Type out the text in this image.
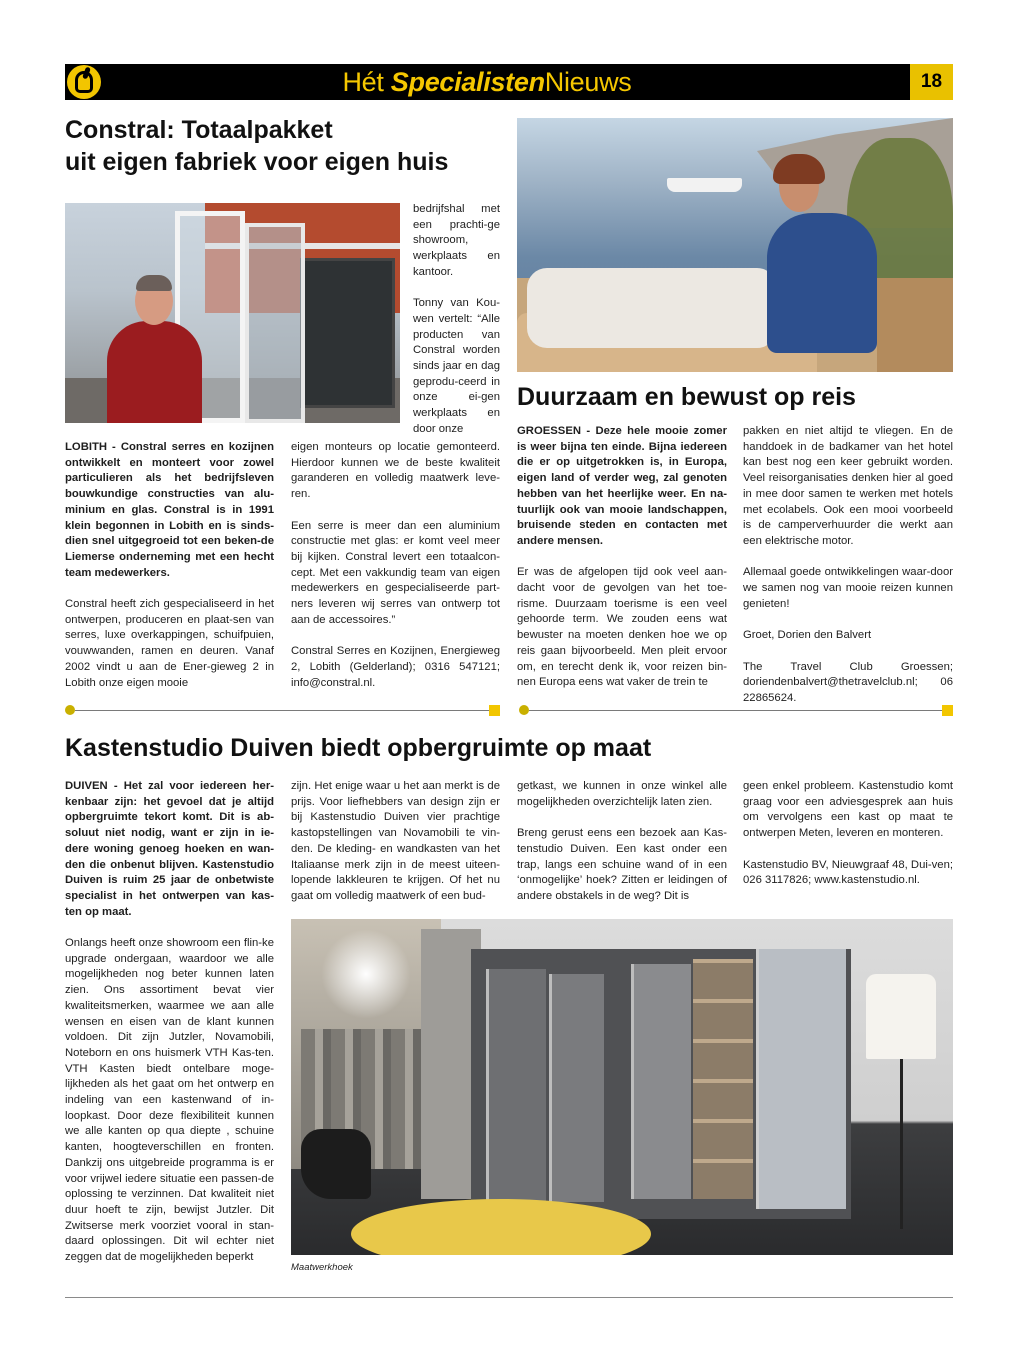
Hét SpecialistenNieuws	18
Constral: Totaalpakket
uit eigen fabriek voor eigen huis

bedrijfshal met een prachti-ge showroom, werkplaats en kantoor.

Tonny van Kou-wen vertelt: “Alle producten van Constral worden sinds jaar en dag geprodu-ceerd in onze ei-gen werkplaats en door onze

LOBITH - Constral serres en kozijnen ontwikkelt en monteert voor zowel particulieren als het bedrijfsleven bouwkundige constructies van alu-minium en glas. Constral is in 1991 klein begonnen in Lobith en is sinds-dien snel uitgegroeid tot een beken-de Liemerse onderneming met een hecht team medewerkers.

Constral heeft zich gespecialiseerd in het ontwerpen, produceren en plaat-sen van serres, luxe overkappingen, schuifpuien, vouwwanden, ramen en deuren. Vanaf 2002 vindt u aan de Ener-gieweg 2 in Lobith onze eigen mooie

eigen monteurs op locatie gemonteerd. Hierdoor kunnen we de beste kwaliteit garanderen en volledig maatwerk leve-ren.

Een serre is meer dan een aluminium constructie met glas: er komt veel meer bij kijken. Constral levert een totaalcon-cept. Met een vakkundig team van eigen medewerkers en gespecialiseerde part-ners leveren wij serres van ontwerp tot aan de accessoires.”

Constral Serres en Kozijnen, Energieweg 2, Lobith (Gelderland); 0316 547121; info@constral.nl.

Duurzaam en bewust op reis

GROESSEN - Deze hele mooie zomer is weer bijna ten einde. Bijna iedereen die er op uitgetrokken is, in Europa, eigen land of verder weg, zal genoten hebben van het heerlijke weer. En na-tuurlijk ook van mooie landschappen, bruisende steden en contacten met andere mensen.

Er was de afgelopen tijd ook veel aan-dacht voor de gevolgen van het toe-risme. Duurzaam toerisme is een veel gehoorde term. We zouden eens wat bewuster na moeten denken hoe we op reis gaan bijvoorbeeld. Men pleit ervoor om, en terecht denk ik, voor reizen bin-nen Europa eens wat vaker de trein te

pakken en niet altijd te vliegen. En de handdoek in de badkamer van het hotel kan best nog een keer gebruikt worden. Veel reisorganisaties denken hier al goed in mee door samen te werken met hotels met ecolabels. Ook een mooi voorbeeld is de camperverhuurder die werkt aan een elektrische motor.

Allemaal goede ontwikkelingen waar-door we samen nog van mooie reizen kunnen genieten!

Groet, Dorien den Balvert

The Travel Club Groessen; doriendenbalvert@thetravelclub.nl; 06 22865624.

Kastenstudio Duiven biedt opbergruimte op maat

DUIVEN - Het zal voor iedereen her-kenbaar zijn: het gevoel dat je altijd opbergruimte tekort komt. Dit is ab-soluut niet nodig, want er zijn in ie-dere woning genoeg hoeken en wan-den die onbenut blijven. Kastenstudio Duiven is ruim 25 jaar de onbetwiste specialist in het ontwerpen van kas-ten op maat.

Onlangs heeft onze showroom een flin-ke upgrade ondergaan, waardoor we alle mogelijkheden nog beter kunnen laten zien. Ons assortiment bevat vier kwaliteitsmerken, waarmee we aan alle wensen en eisen van de klant kunnen voldoen. Dit zijn Jutzler, Novamobili, Noteborn en ons huismerk VTH Kas-ten. VTH Kasten biedt ontelbare moge-lijkheden als het gaat om het ontwerp en indeling van een kastenwand of in-loopkast. Door deze flexibiliteit kunnen we alle kanten op qua diepte , schuine kanten, hoogteverschillen en fronten. Dankzij ons uitgebreide programma is er voor vrijwel iedere situatie een passen-de oplossing te verzinnen. Dat kwaliteit niet duur hoeft te zijn, bewijst Jutzler. Dit Zwitserse merk voorziet vooral in stan-daard oplossingen. Dit wil echter niet zeggen dat de mogelijkheden beperkt

zijn. Het enige waar u het aan merkt is de prijs. Voor liefhebbers van design zijn er bij Kastenstudio Duiven vier prachtige kastopstellingen van Novamobili te vin-den. De kleding- en wandkasten van het Italiaanse merk zijn in de meest uiteen-lopende lakkleuren te krijgen. Of het nu gaat om volledig maatwerk of een bud-

getkast, we kunnen in onze winkel alle mogelijkheden overzichtelijk laten zien.

Breng gerust eens een bezoek aan Kas-tenstudio Duiven. Een kast onder een trap, langs een schuine wand of in een ‘onmogelijke’ hoek? Zitten er leidingen of andere obstakels in de weg? Dit is

geen enkel probleem. Kastenstudio komt graag voor een adviesgesprek aan huis om vervolgens een kast op maat te ontwerpen Meten, leveren en monteren.

Kastenstudio BV, Nieuwgraaf 48, Dui-ven; 026 3117826; www.kastenstudio.nl.

Maatwerkhoek
